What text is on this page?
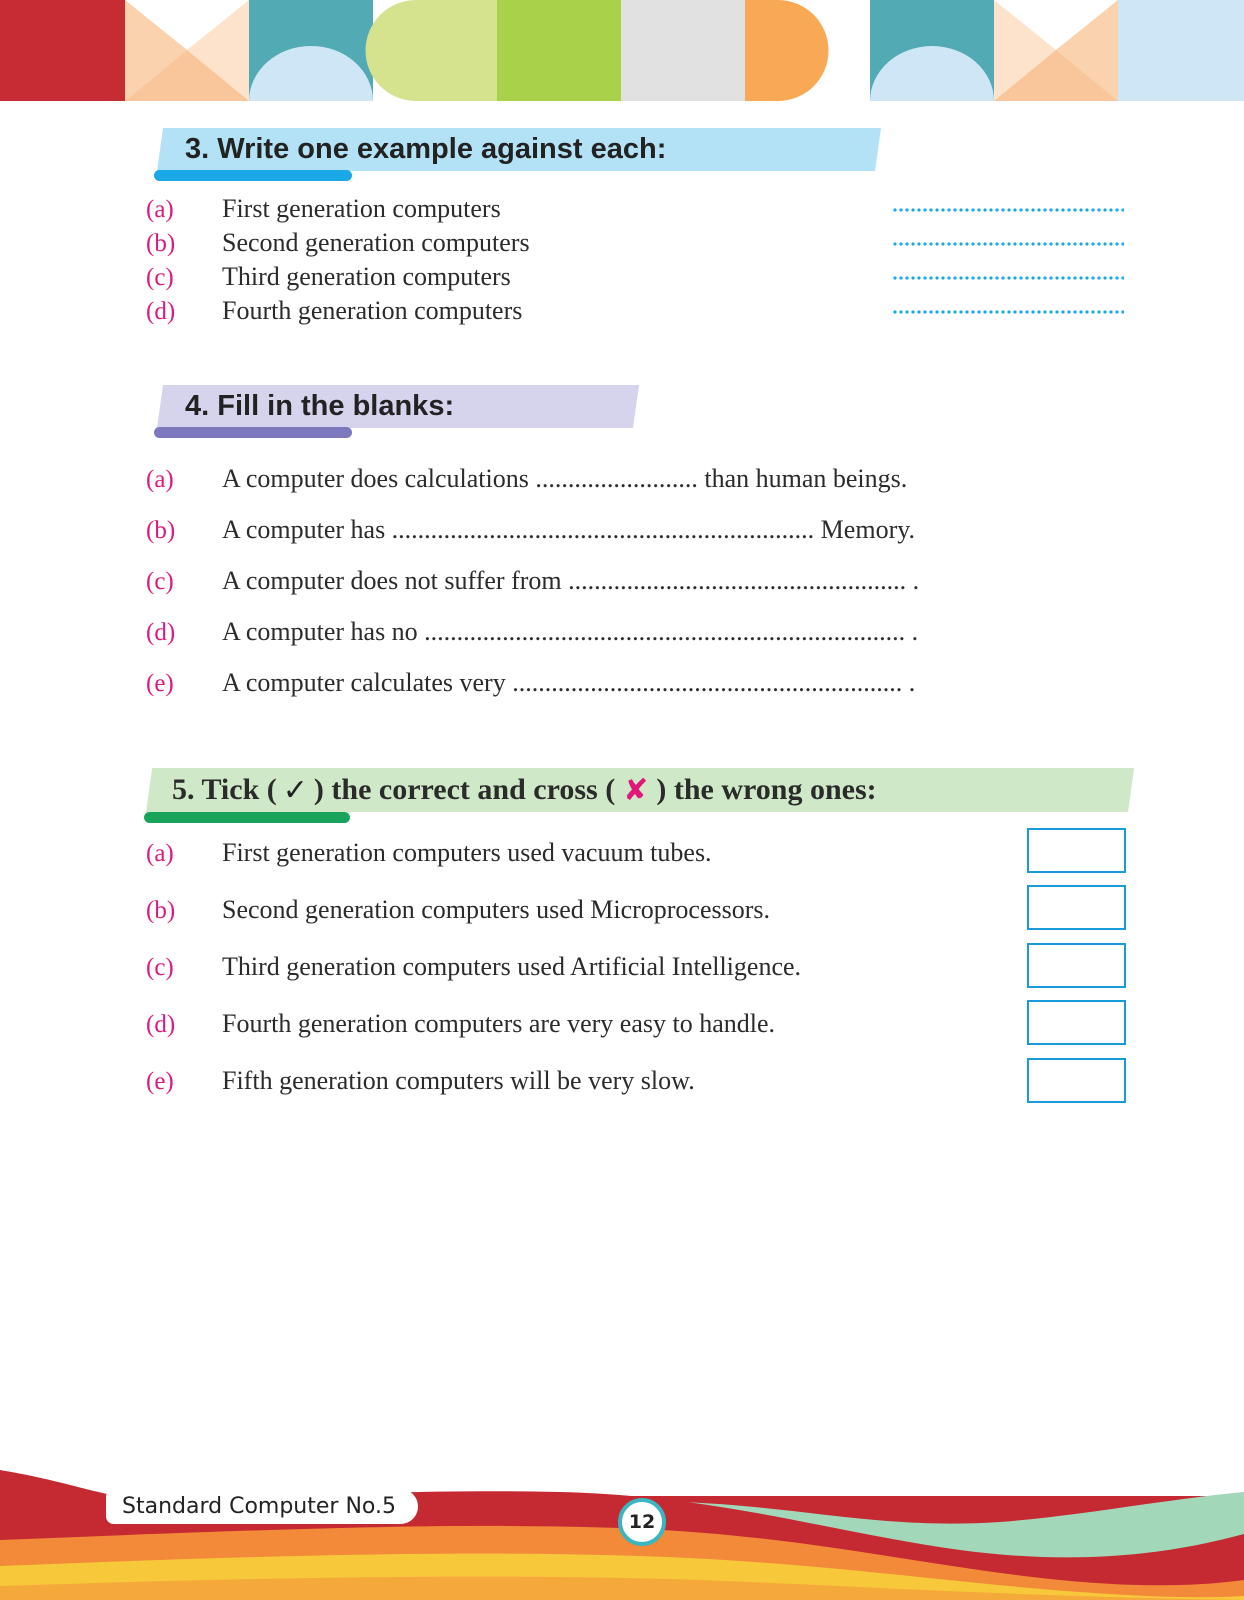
3. Write one example against each:
(a)	First generation computers
(b)	Second generation computers
(c)	Third generation computers
(d)	Fourth generation computers
4. Fill in the blanks:
(a)	A computer does calculations ......................... than human beings.
(b)	A computer has ................................................................. Memory.
(c)	A computer does not suffer from .................................................... .
(d)	A computer has no .......................................................................... .
(e)	A computer calculates very ............................................................ .
5. Tick ( ✓ ) the correct and cross ( ✘ ) the wrong ones:
(a)	First generation computers used vacuum tubes.
(b)	Second generation computers used Microprocessors.
(c)	Third generation computers used Artificial Intelligence.
(d)	Fourth generation computers are very easy to handle.
(e)	Fifth generation computers will be very slow.
Standard Computer No.5
12
